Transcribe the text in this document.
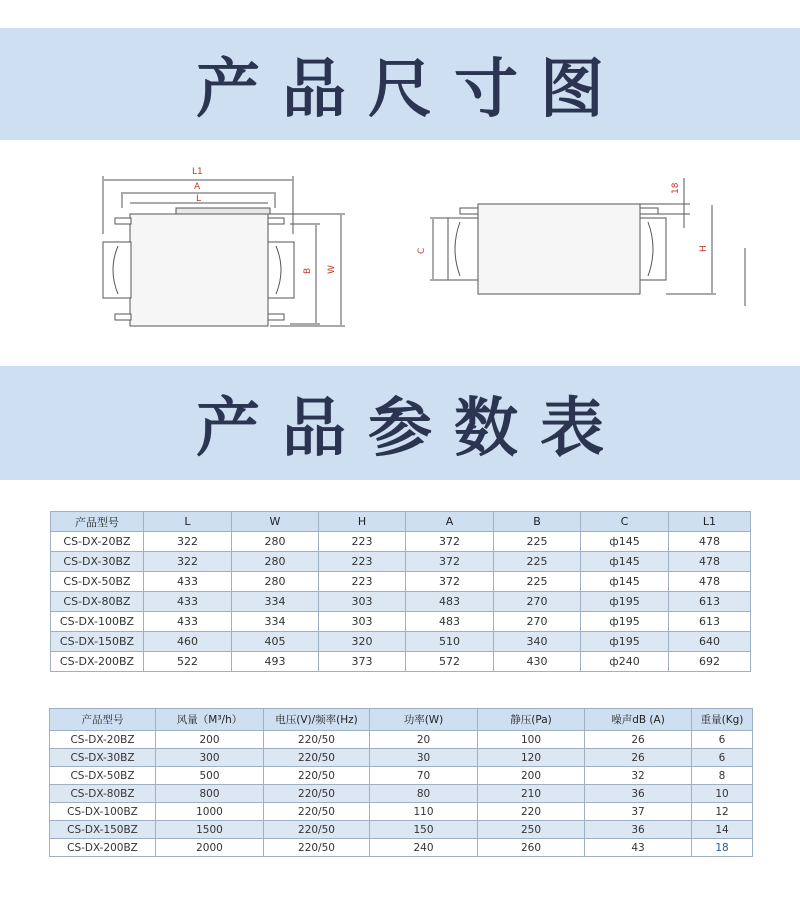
产品尺寸图
L1
A
L
B W
C	H
18
产品参数表
产品型号	L	W	H	A	B	C	L1
CS-DX-20BZ	322	280	223	372	225	ф145	478
CS-DX-30BZ	322	280	223	372	225	ф145	478
CS-DX-50BZ	433	280	223	372	225	ф145	478
CS-DX-80BZ	433	334	303	483	270	ф195	613
CS-DX-100BZ	433	334	303	483	270	ф195	613
CS-DX-150BZ	460	405	320	510	340	ф195	640
CS-DX-200BZ	522	493	373	572	430	ф240	692
产品型号	风量（M³/h）	电压(V)/频率(Hz)	功率(W)	静压(Pa)	噪声dB (A)	重量(Kg)
CS-DX-20BZ	200	220/50	20	100	26	6
CS-DX-30BZ	300	220/50	30	120	26	6
CS-DX-50BZ	500	220/50	70	200	32	8
CS-DX-80BZ	800	220/50	80	210	36	10
CS-DX-100BZ	1000	220/50	110	220	37	12
CS-DX-150BZ	1500	220/50	150	250	36	14
CS-DX-200BZ	2000	220/50	240	260	43	18
